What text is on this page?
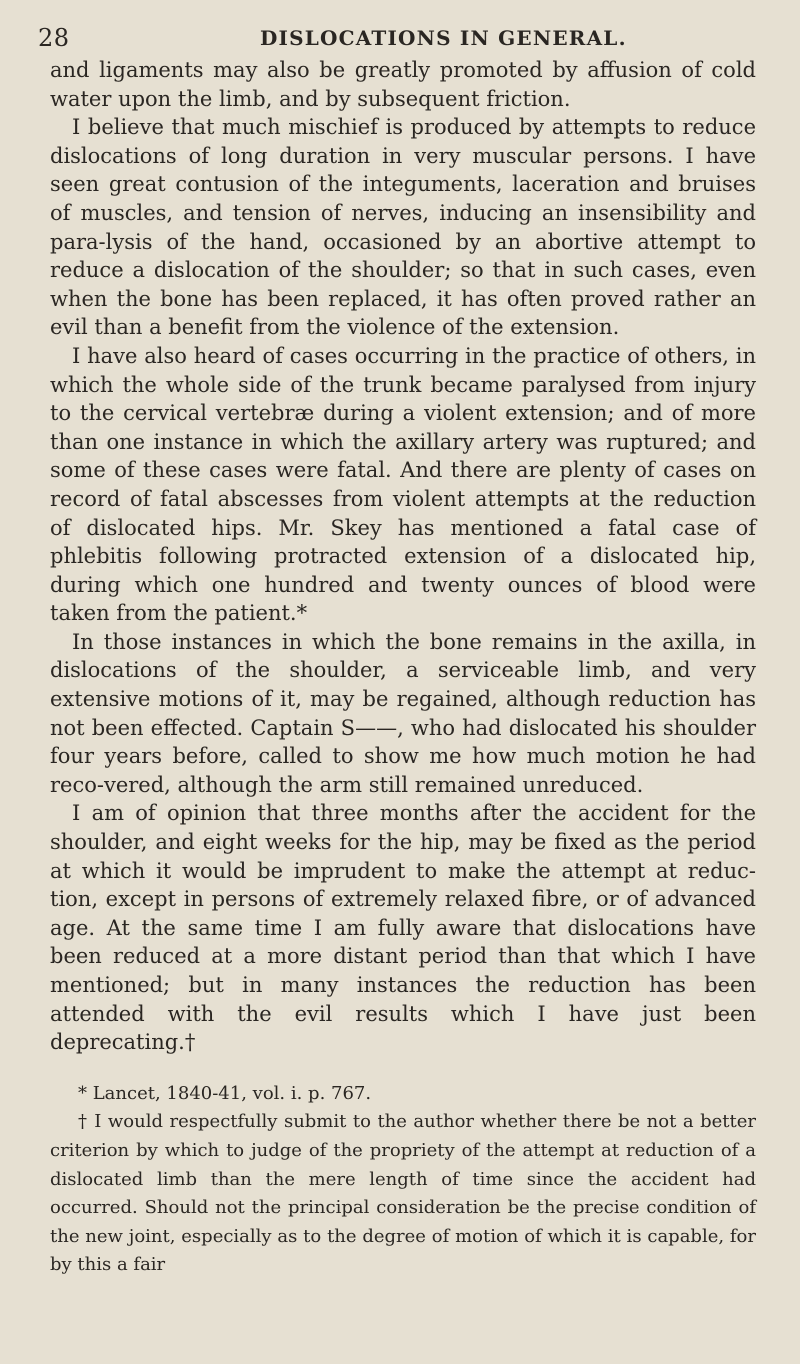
28	DISLOCATIONS IN GENERAL.

and ligaments may also be greatly promoted by affusion of cold water upon the limb, and by subsequent friction.

I believe that much mischief is produced by attempts to reduce dislocations of long duration in very muscular persons. I have seen great contusion of the integuments, laceration and bruises of muscles, and tension of nerves, inducing an insensibility and para-lysis of the hand, occasioned by an abortive attempt to reduce a dislocation of the shoulder; so that in such cases, even when the bone has been replaced, it has often proved rather an evil than a benefit from the violence of the extension.

I have also heard of cases occurring in the practice of others, in which the whole side of the trunk became paralysed from injury to the cervical vertebræ during a violent extension; and of more than one instance in which the axillary artery was ruptured; and some of these cases were fatal. And there are plenty of cases on record of fatal abscesses from violent attempts at the reduction of dislocated hips. Mr. Skey has mentioned a fatal case of phlebitis following protracted extension of a dislocated hip, during which one hundred and twenty ounces of blood were taken from the patient.*

In those instances in which the bone remains in the axilla, in dislocations of the shoulder, a serviceable limb, and very extensive motions of it, may be regained, although reduction has not been effected. Captain S——, who had dislocated his shoulder four years before, called to show me how much motion he had reco-vered, although the arm still remained unreduced.

I am of opinion that three months after the accident for the shoulder, and eight weeks for the hip, may be fixed as the period at which it would be imprudent to make the attempt at reduc-tion, except in persons of extremely relaxed fibre, or of advanced age. At the same time I am fully aware that dislocations have been reduced at a more distant period than that which I have mentioned; but in many instances the reduction has been attended with the evil results which I have just been deprecating.†

* Lancet, 1840-41, vol. i. p. 767.

† I would respectfully submit to the author whether there be not a better criterion by which to judge of the propriety of the attempt at reduction of a dislocated limb than the mere length of time since the accident had occurred. Should not the principal consideration be the precise condition of the new joint, especially as to the degree of motion of which it is capable, for by this a fair
